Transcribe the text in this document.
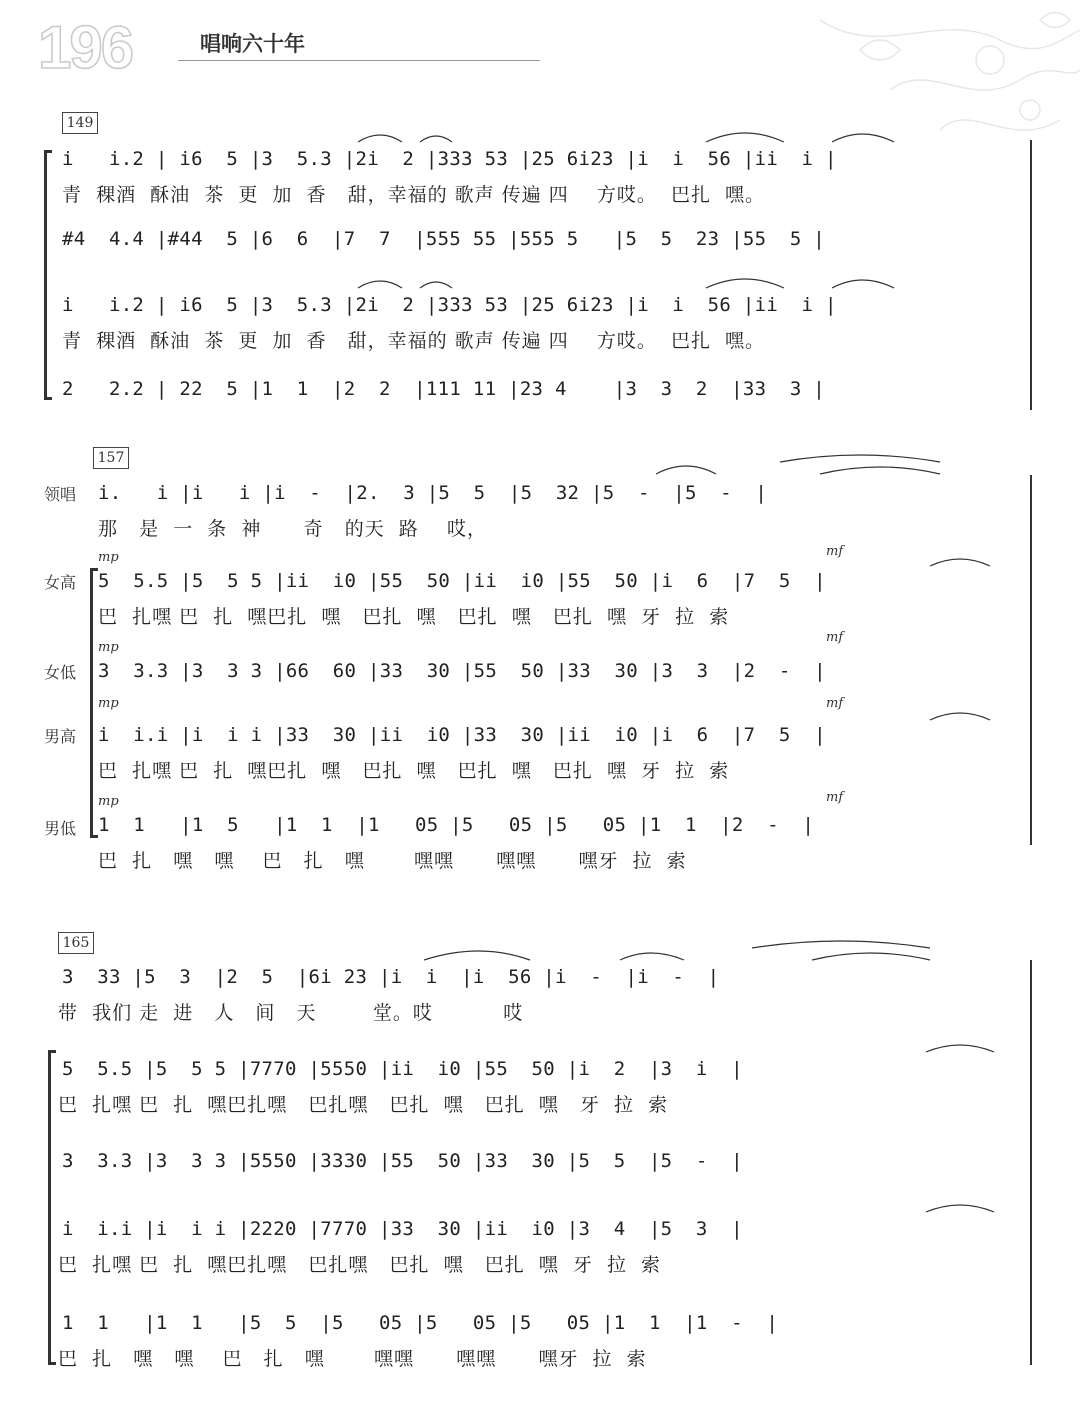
196	唱响六十年
149
i   i.2 | i6  5 |3  5.3 |2i  2 |333 53 |25 6i23 |i  i  56 |ii  i |
青  稞酒  酥油  茶  更  加  香   甜，幸福的 歌声 传遍 四    方哎。  巴扎  嘿。
#4  4.4 |#44  5 |6  6  |7  7  |555 55 |555 5   |5  5  23 |55  5 |
i   i.2 | i6  5 |3  5.3 |2i  2 |333 53 |25 6i23 |i  i  56 |ii  i |
青  稞酒  酥油  茶  更  加  香   甜，幸福的 歌声 传遍 四    方哎。  巴扎  嘿。
2   2.2 | 22  5 |1  1  |2  2  |111 11 |23 4    |3  3  2  |33  3 |
157
领唱 i.   i |i   i |i  -  |2.  3 |5  5  |5  32 |5  -  |5  -  |
那   是  一  条  神      奇   的天  路    哎，
mp	mf
女高 5  5.5 |5  5 5 |ii  i0 |55  50 |ii  i0 |55  50 |i  6  |7  5  |
巴  扎嘿 巴  扎  嘿巴扎  嘿   巴扎  嘿   巴扎  嘿   巴扎  嘿  牙  拉  索
mp
mf
女低 3  3.3 |3  3 3 |66  60 |33  30 |55  50 |33  30 |3  3  |2  -  |
mp	mf
男高 i  i.i |i  i i |33  30 |ii  i0 |33  30 |ii  i0 |i  6  |7  5  |
巴  扎嘿 巴  扎  嘿巴扎  嘿   巴扎  嘿   巴扎  嘿   巴扎  嘿  牙  拉  索
mp	mf
男低 1  1   |1  5   |1  1  |1   05 |5   05 |5   05 |1  1  |2  -  |
巴  扎   嘿   嘿    巴   扎   嘿       嘿嘿      嘿嘿      嘿牙  拉  索
165
3  33 |5  3  |2  5  |6i 23 |i  i  |i  56 |i  -  |i  -  |
带  我们 走  进   人   间   天        堂。哎          哎
5  5.5 |5  5 5 |7770 |5550 |ii  i0 |55  50 |i  2  |3  i  |
巴  扎嘿 巴  扎  嘿巴扎嘿   巴扎嘿   巴扎  嘿   巴扎  嘿   牙  拉  索
3  3.3 |3  3 3 |5550 |3330 |55  50 |33  30 |5  5  |5  -  |
i  i.i |i  i i |2220 |7770 |33  30 |ii  i0 |3  4  |5  3  |
巴  扎嘿 巴  扎  嘿巴扎嘿   巴扎嘿   巴扎  嘿   巴扎  嘿  牙  拉  索
1  1   |1  1   |5  5  |5   05 |5   05 |5   05 |1  1  |1  -  |
巴  扎   嘿   嘿    巴   扎   嘿       嘿嘿      嘿嘿      嘿牙  拉  索
